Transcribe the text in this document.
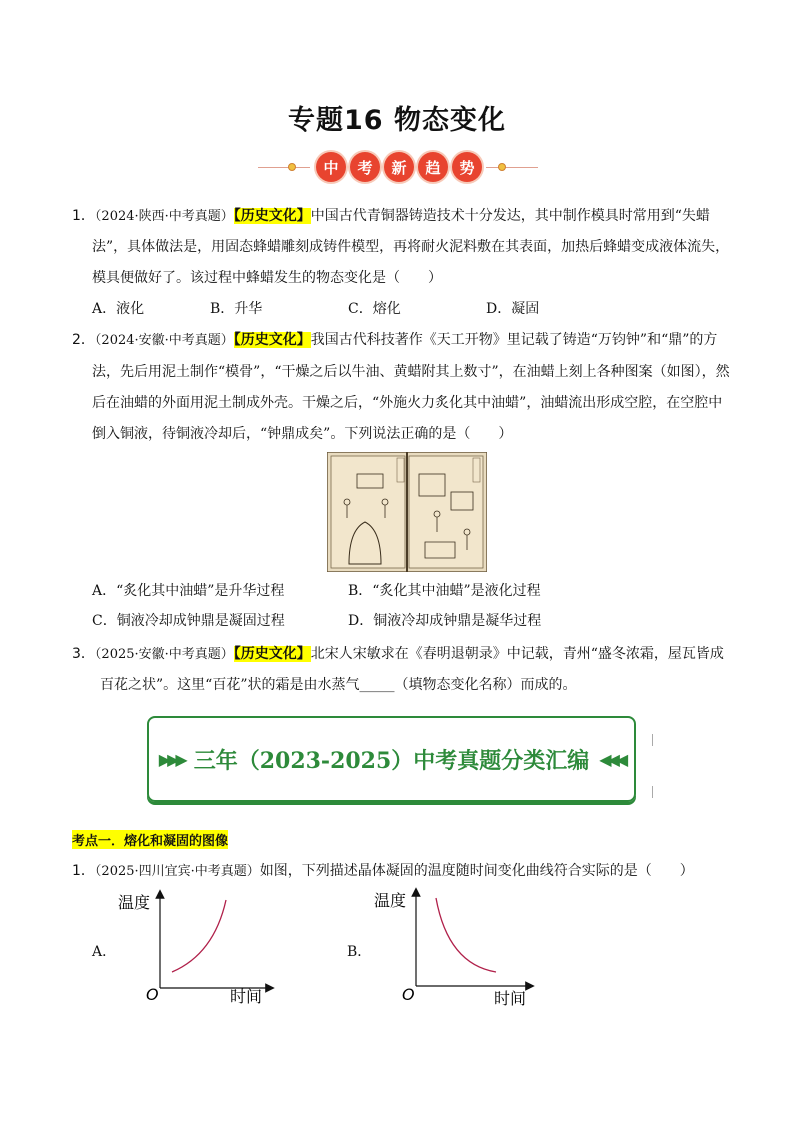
专题16 物态变化
中	考	新	趋	势
1．（2024·陕西·中考真题）【历史文化】中国古代青铜器铸造技术十分发达，其中制作模具时常用到“失蜡
法”，具体做法是，用固态蜂蜡雕刻成铸件模型，再将耐火泥料敷在其表面，加热后蜂蜡变成液体流失，
模具便做好了。该过程中蜂蜡发生的物态变化是（　　）
A．液化	B．升华	C．熔化	D．凝固
2．（2024·安徽·中考真题）【历史文化】我国古代科技著作《天工开物》里记载了铸造“万钧钟”和“鼎”的方
法，先后用泥土制作“模骨”，“干燥之后以牛油、黄蜡附其上数寸”，在油蜡上刻上各种图案（如图），然
后在油蜡的外面用泥土制成外壳。干燥之后，“外施火力炙化其中油蜡”，油蜡流出形成空腔，在空腔中
倒入铜液，待铜液冷却后，“钟鼎成矣”。下列说法正确的是（　　）
A．“炙化其中油蜡”是升华过程	B．“炙化其中油蜡”是液化过程
C．铜液冷却成钟鼎是凝固过程	D．铜液冷却成钟鼎是凝华过程
3．（2025·安徽·中考真题）【历史文化】北宋人宋敏求在《春明退朝录》中记载，青州“盛冬浓霜，屋瓦皆成
百花之状”。这里“百花”状的霜是由水蒸气_____（填物态变化名称）而成的。
▶▶▶ 三年（2023-2025）中考真题分类汇编 ◀◀◀
考点一．熔化和凝固的图像
1．（2025·四川宜宾·中考真题）如图，下列描述晶体凝固的温度随时间变化曲线符合实际的是（　　）
A．
温度
O	时间
B．
温度
O	时间
